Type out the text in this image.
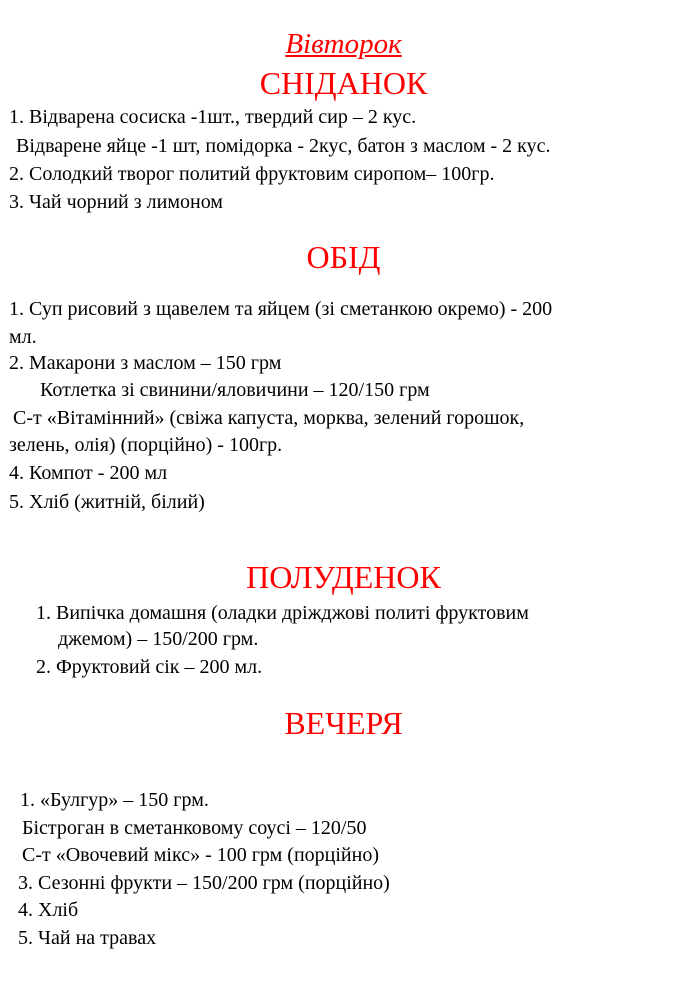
Вівторок
СНІДАНОК
1. Відварена сосиска -1шт., твердий сир – 2 кус.
Відварене яйце -1 шт, помідорка - 2кус, батон з маслом - 2 кус.
2. Солодкий творог политий фруктовим сиропом– 100гр.
3. Чай чорний з лимоном
ОБІД
1. Суп рисовий з щавелем та яйцем (зі сметанкою окремо) - 200
мл.
2. Макарони з маслом – 150 грм
Котлетка зі свинини/яловичини – 120/150 грм
С-т «Вітамінний» (свіжа капуста, морква, зелений горошок,
зелень, олія) (порційно) - 100гр.
4. Компот - 200 мл
5. Хліб (житній, білий)
ПОЛУДЕНОК
1. Випічка домашня (оладки дріжджові политі фруктовим
джемом) – 150/200 грм.
2. Фруктовий сік – 200 мл.
ВЕЧЕРЯ
1. «Булгур» – 150 грм.
Бістроган в сметанковому соусі – 120/50
С-т «Овочевий мікс» - 100 грм (порційно)
3. Сезонні фрукти – 150/200 грм (порційно)
4. Хліб
5. Чай на травах
